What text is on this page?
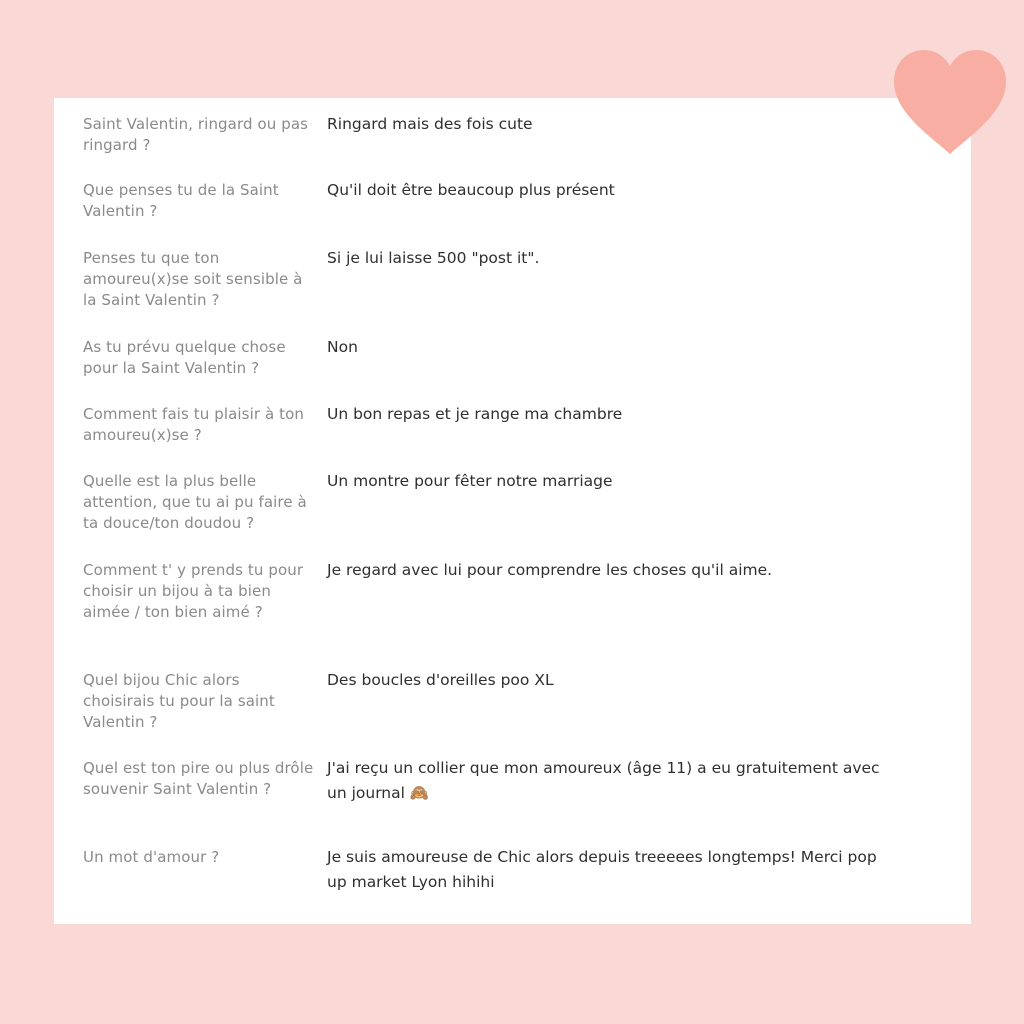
Saint Valentin, ringard ou pas ringard ?
Ringard mais des fois cute
Que penses tu de la Saint Valentin ?
Qu'il doit être beaucoup plus présent
Penses tu que ton amoureu(x)se soit sensible à la Saint Valentin ?
Si je lui laisse 500 "post it".
As tu prévu quelque chose pour la Saint Valentin ?
Non
Comment fais tu plaisir à ton amoureu(x)se ?
Un bon repas et je range ma chambre
Quelle est la plus belle attention, que tu ai pu faire à ta douce/ton doudou ?
Un montre pour fêter notre marriage
Comment t' y prends tu pour choisir un bijou à ta bien aimée / ton bien aimé ?
Je regard avec lui pour comprendre les choses qu'il aime.
Quel bijou Chic alors choisirais tu pour la saint Valentin ?
Des boucles d'oreilles poo XL
Quel est ton pire ou plus drôle souvenir Saint Valentin ?
J'ai reçu un collier que mon amoureux (âge 11) a eu gratuitement avec un journal 🙈
Un mot d'amour ?	Je suis amoureuse de Chic alors depuis treeeees longtemps! Merci pop up market Lyon hihihi
